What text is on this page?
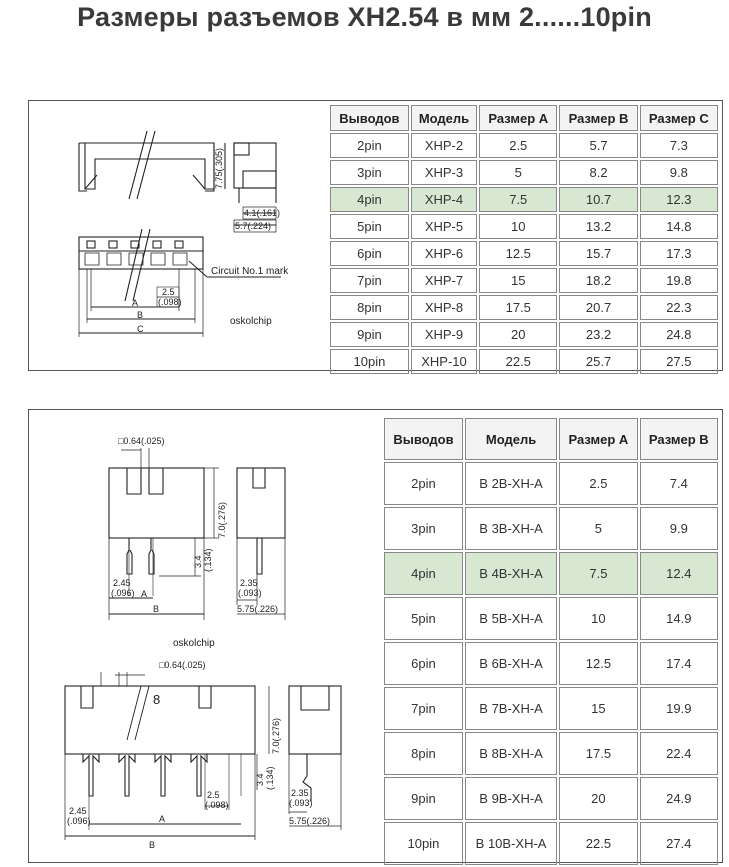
Размеры разъемов XH2.54 в мм 2......10pin
7.75(.305)
4.1(.161)
5.7(.224)
2.5
(.098)
A
B
C
Circuit No.1 mark
oskolchip
Выводов	Модель	Размер A	Размер B	Размер C
2pin	XHP-2	2.5	5.7	7.3
3pin	XHP-3	5	8.2	9.8
4pin	XHP-4	7.5	10.7	12.3
5pin	XHP-5	10	13.2	14.8
6pin	XHP-6	12.5	15.7	17.3
7pin	XHP-7	15	18.2	19.8
8pin	XHP-8	17.5	20.7	22.3
9pin	XHP-9	20	23.2	24.8
10pin	XHP-10	22.5	25.7	27.5
□0.64(.025)
7.0(.276)
3.4 (.134)
2.45
(.096)
2.35
(.093)
5.75(.226)
A
B
oskolchip
□0.64(.025)
8
7.0(.276)
3.4 (.134)
2.5
(.098)
2.45
(.096)
2.35
(.093)
5.75(.226)
A
B
Выводов	Модель	Размер A	Размер B
2pin	B 2B-XH-A	2.5	7.4
3pin	B 3B-XH-A	5	9.9
4pin	B 4B-XH-A	7.5	12.4
5pin	B 5B-XH-A	10	14.9
6pin	B 6B-XH-A	12.5	17.4
7pin	B 7B-XH-A	15	19.9
8pin	B 8B-XH-A	17.5	22.4
9pin	B 9B-XH-A	20	24.9
10pin	B 10B-XH-A	22.5	27.4
